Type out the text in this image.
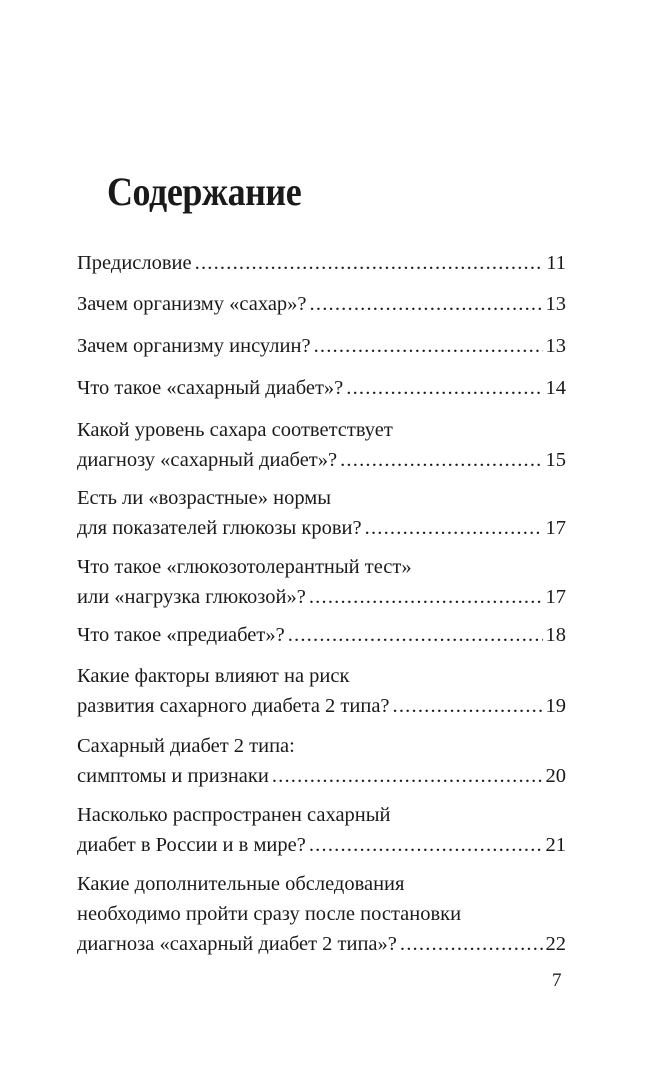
Содержание
Предисловие .....	11
Зачем организму «сахар»? .....	13
Зачем организму инсулин? .....	13
Что такое «сахарный диабет»? .....	14
Какой уровень сахара соответствует
диагнозу «сахарный диабет»? .....	15
Есть ли «возрастные» нормы
для показателей глюкозы крови? .....	17
Что такое «глюкозотолерантный тест»
или «нагрузка глюкозой»? .....	17
Что такое «предиабет»? .....	18
Какие факторы влияют на риск
развития сахарного диабета 2 типа? .....	19
Сахарный диабет 2 типа:
симптомы и признаки .....	20
Насколько распространен сахарный
диабет в России и в мире? .....	21
Какие дополнительные обследования
необходимо пройти сразу после постановки
диагноза «сахарный диабет 2 типа»? .....	22
7
